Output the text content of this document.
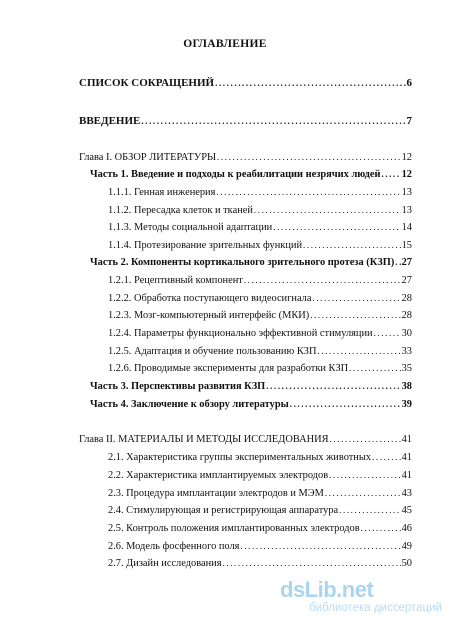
ОГЛАВЛЕНИЕ
СПИСОК СОКРАЩЕНИЙ .....	6
ВВЕДЕНИЕ .....	7
Глава I. ОБЗОР ЛИТЕРАТУРЫ .....	12
Часть 1. Введение и подходы к реабилитации незрячих людей ..... 12
1.1.1. Генная инженерия .....	13
1.1.2. Пересадка клеток и тканей .....	13
1.1.3. Методы социальной адаптации .....	14
1.1.4. Протезирование зрительных функций .....	15
Часть 2. Компоненты кортикального зрительного протеза (КЗП) ..... 27
1.2.1. Рецептивный компонент .....	27
1.2.2. Обработка поступающего видеосигнала .....	28
1.2.3. Мозг-компьютерный интерфейс (МКИ) .....	28
1.2.4. Параметры функционально эффективной стимуляции .....	30
1.2.5. Адаптация и обучение пользованию КЗП .....	33
1.2.6. Проводимые эксперименты для разработки КЗП .....	35
Часть 3. Перспективы развития КЗП .....	38
Часть 4. Заключение к обзору литературы .....	39
Глава II. МАТЕРИАЛЫ И МЕТОДЫ ИССЛЕДОВАНИЯ .....	41
2.1. Характеристика группы экспериментальных животных .....	41
2.2. Характеристика имплантируемых электродов .....	41
2.3. Процедура имплантации электродов и МЭМ .....	43
2.4. Стимулирующая и регистрирующая аппаратура .....	45
2.5. Контроль положения имплантированных электродов .....	46
2.6. Модель фосфенного поля .....	49
2.7. Дизайн исследования .....	50
dsLib.net
библиотека диссертаций
